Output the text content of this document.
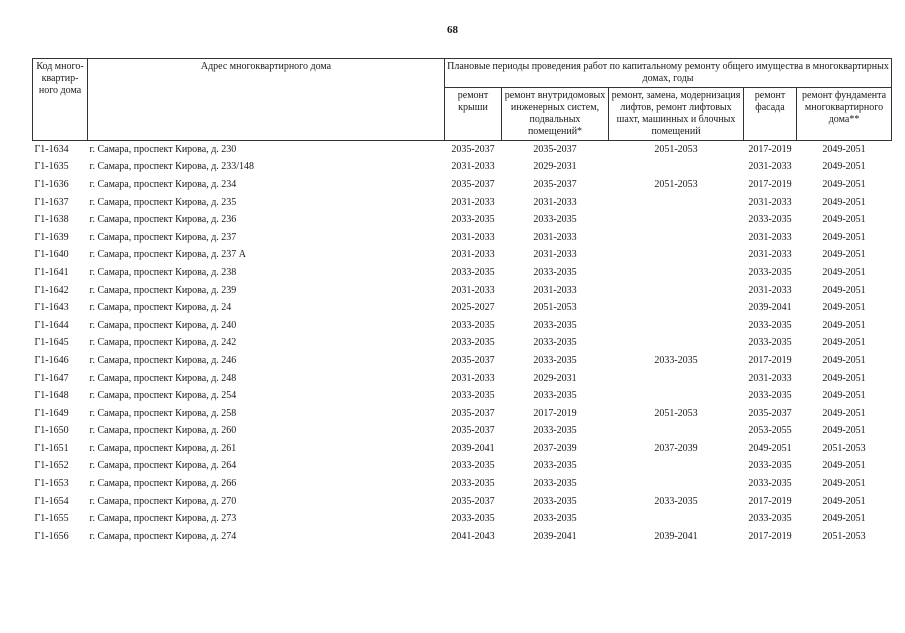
68
Код много-квартир-ного дома	Адрес многоквартирного дома	Плановые периоды проведения работ по капитальному ремонту общего имущества в многоквартирных домах, годы				
		ремонт крыши	ремонт внутридомовых инженерных систем, подвальных помещений*	ремонт, замена, модернизация лифтов, ремонт лифтовых шахт, машинных и блочных помещений	ремонт фасада	ремонт фундамента многоквартирного дома**
Г1-1634	г. Самара, проспект Кирова, д. 230	2035-2037	2035-2037	2051-2053	2017-2019	2049-2051
Г1-1635	г. Самара, проспект Кирова, д. 233/148	2031-2033	2029-2031		2031-2033	2049-2051
Г1-1636	г. Самара, проспект Кирова, д. 234	2035-2037	2035-2037	2051-2053	2017-2019	2049-2051
Г1-1637	г. Самара, проспект Кирова, д. 235	2031-2033	2031-2033		2031-2033	2049-2051
Г1-1638	г. Самара, проспект Кирова, д. 236	2033-2035	2033-2035		2033-2035	2049-2051
Г1-1639	г. Самара, проспект Кирова, д. 237	2031-2033	2031-2033		2031-2033	2049-2051
Г1-1640	г. Самара, проспект Кирова, д. 237 А	2031-2033	2031-2033		2031-2033	2049-2051
Г1-1641	г. Самара, проспект Кирова, д. 238	2033-2035	2033-2035		2033-2035	2049-2051
Г1-1642	г. Самара, проспект Кирова, д. 239	2031-2033	2031-2033		2031-2033	2049-2051
Г1-1643	г. Самара, проспект Кирова, д. 24	2025-2027	2051-2053		2039-2041	2049-2051
Г1-1644	г. Самара, проспект Кирова, д. 240	2033-2035	2033-2035		2033-2035	2049-2051
Г1-1645	г. Самара, проспект Кирова, д. 242	2033-2035	2033-2035		2033-2035	2049-2051
Г1-1646	г. Самара, проспект Кирова, д. 246	2035-2037	2033-2035	2033-2035	2017-2019	2049-2051
Г1-1647	г. Самара, проспект Кирова, д. 248	2031-2033	2029-2031		2031-2033	2049-2051
Г1-1648	г. Самара, проспект Кирова, д. 254	2033-2035	2033-2035		2033-2035	2049-2051
Г1-1649	г. Самара, проспект Кирова, д. 258	2035-2037	2017-2019	2051-2053	2035-2037	2049-2051
Г1-1650	г. Самара, проспект Кирова, д. 260	2035-2037	2033-2035		2053-2055	2049-2051
Г1-1651	г. Самара, проспект Кирова, д. 261	2039-2041	2037-2039	2037-2039	2049-2051	2051-2053
Г1-1652	г. Самара, проспект Кирова, д. 264	2033-2035	2033-2035		2033-2035	2049-2051
Г1-1653	г. Самара, проспект Кирова, д. 266	2033-2035	2033-2035		2033-2035	2049-2051
Г1-1654	г. Самара, проспект Кирова, д. 270	2035-2037	2033-2035	2033-2035	2017-2019	2049-2051
Г1-1655	г. Самара, проспект Кирова, д. 273	2033-2035	2033-2035		2033-2035	2049-2051
Г1-1656	г. Самара, проспект Кирова, д. 274	2041-2043	2039-2041	2039-2041	2017-2019	2051-2053
